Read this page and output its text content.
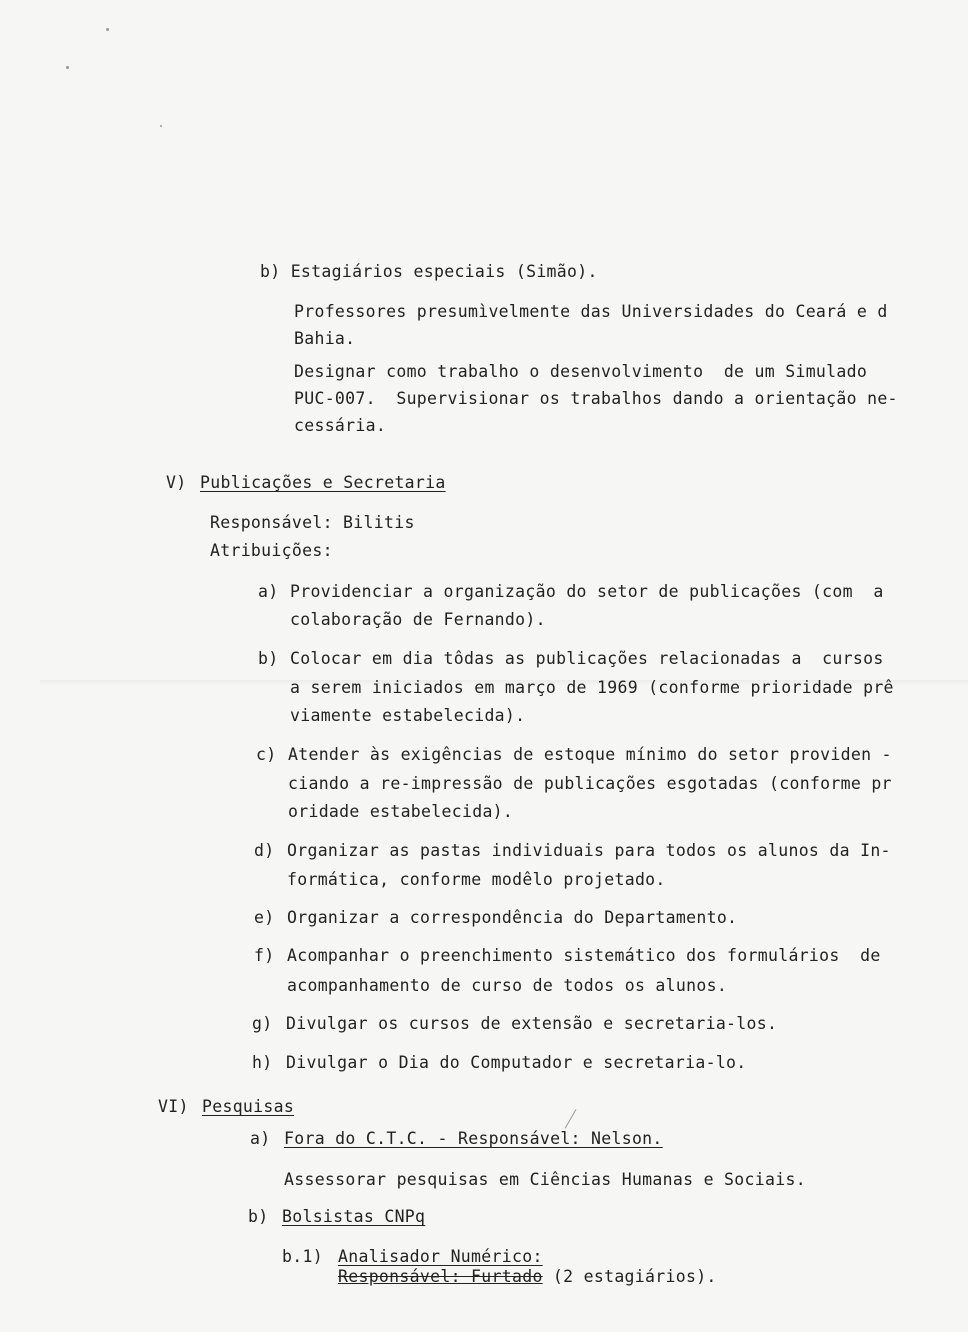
b) Estagiários especiais (Simão).
Professores presumìvelmente das Universidades do Ceará e d
Bahia.
Designar como trabalho o desenvolvimento  de um Simulado
PUC-007.  Supervisionar os trabalhos dando a orientação ne-
cessária.
V) Publicações e Secretaria
Responsável: Bilitis
Atribuições:
a) Providenciar a organização do setor de publicações (com  a
colaboração de Fernando).
b) Colocar em dia tôdas as publicações relacionadas a  cursos
a serem iniciados em março de 1969 (conforme prioridade prê
viamente estabelecida).
c) Atender às exigências de estoque mínimo do setor providen -
ciando a re-impressão de publicações esgotadas (conforme pr
oridade estabelecida).
d) Organizar as pastas individuais para todos os alunos da In-
formática, conforme modêlo projetado.
e) Organizar a correspondência do Departamento.
f) Acompanhar o preenchimento sistemático dos formulários  de
acompanhamento de curso de todos os alunos.
g) Divulgar os cursos de extensão e secretaria-los.
h) Divulgar o Dia do Computador e secretaria-lo.
VI) Pesquisas
a) Fora do C.T.C. - Responsável: Nelson.
Assessorar pesquisas em Ciências Humanas e Sociais.
b) Bolsistas CNPq
b.1) Analisador Numérico:
Responsável: Furtado (2 estagiários).
